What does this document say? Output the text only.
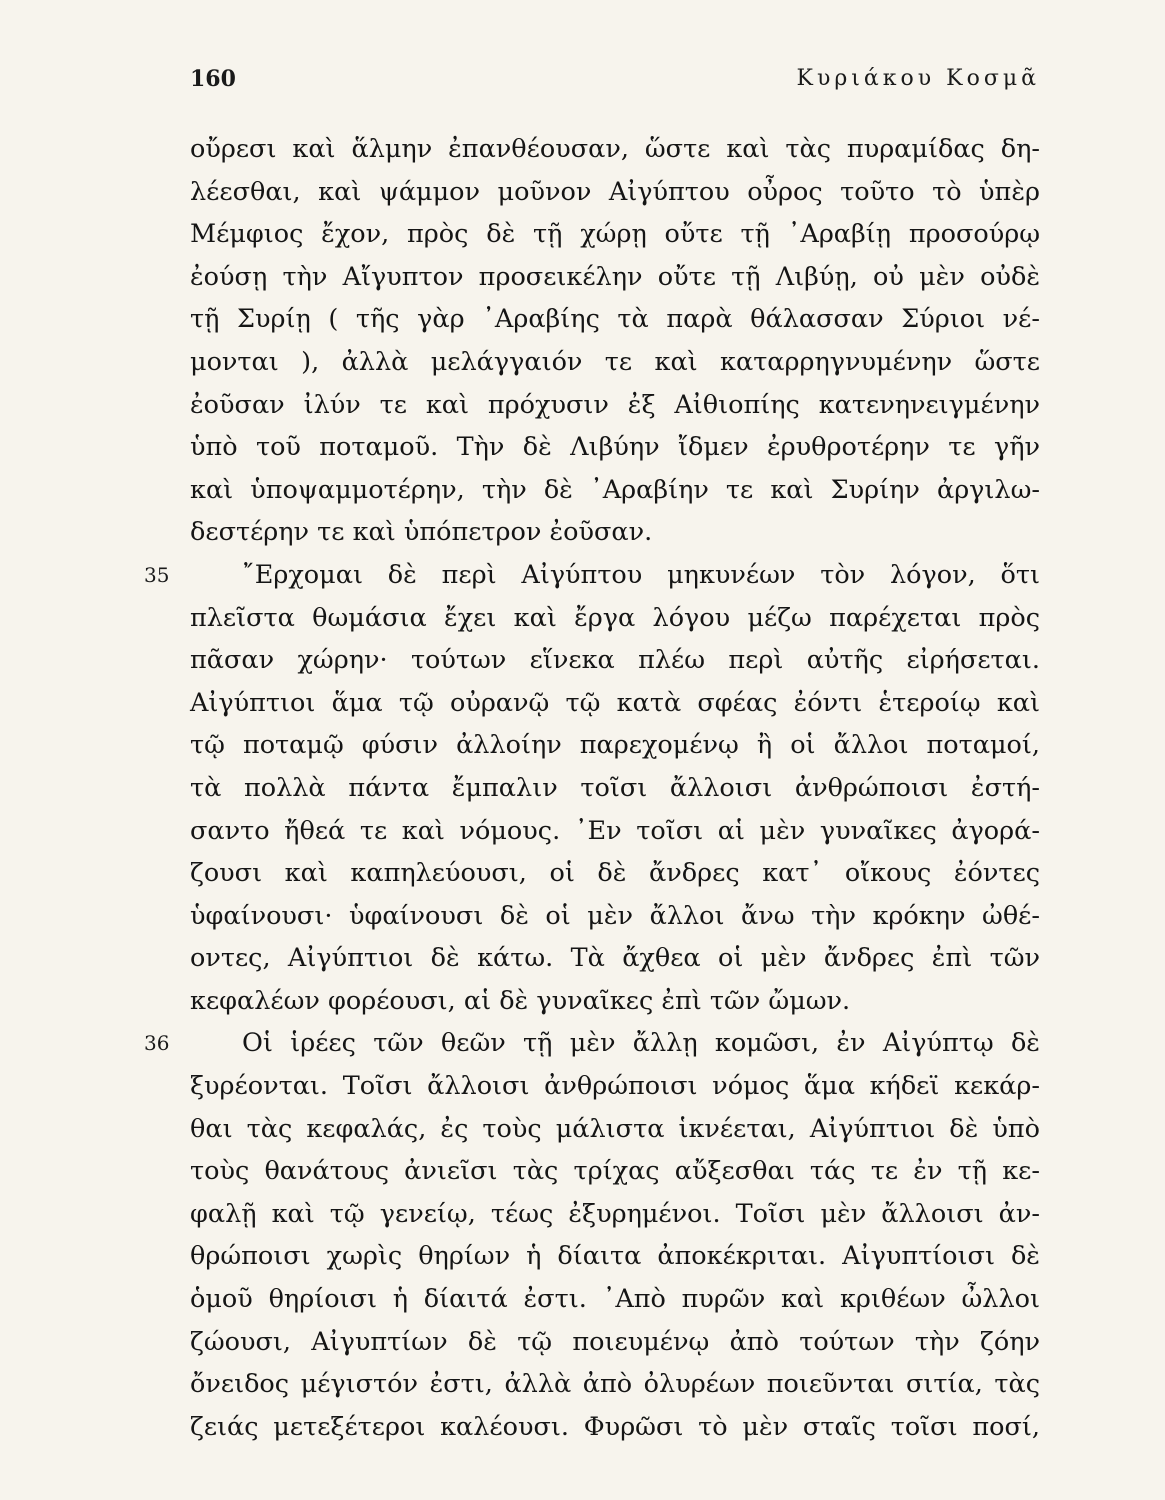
160	Κυριάκου Κοσμᾶ
οὔρεσι καὶ ἅλμην ἐπανθέουσαν, ὥστε καὶ τὰς πυραμίδας δη-
λέεσθαι, καὶ ψάμμον μοῦνον Αἰγύπτου οὖρος τοῦτο τὸ ὑπὲρ
Μέμφιος ἔχον, πρὸς δὲ τῇ χώρῃ οὔτε τῇ ᾿Αραβίῃ προσούρῳ
ἐούσῃ τὴν Αἴγυπτον προσεικέλην οὔτε τῇ Λιβύῃ, οὐ μὲν οὐδὲ
τῇ Συρίῃ ( τῆς γὰρ ᾿Αραβίης τὰ παρὰ θάλασσαν Σύριοι νέ-
μονται ), ἀλλὰ μελάγγαιόν τε καὶ καταρρηγνυμένην ὥστε
ἐοῦσαν ἰλύν τε καὶ πρόχυσιν ἐξ Αἰθιοπίης κατενηνειγμένην
ὑπὸ τοῦ ποταμοῦ. Τὴν δὲ Λιβύην ἴδμεν ἐρυθροτέρην τε γῆν
καὶ ὑποψαμμοτέρην, τὴν δὲ ᾿Αραβίην τε καὶ Συρίην ἀργιλω-
δεστέρην τε καὶ ὑπόπετρον ἐοῦσαν.
35	῎Ερχομαι δὲ περὶ Αἰγύπτου μηκυνέων τὸν λόγον, ὅτι
πλεῖστα θωμάσια ἔχει καὶ ἔργα λόγου μέζω παρέχεται πρὸς
πᾶσαν χώρην· τούτων εἵνεκα πλέω περὶ αὐτῆς εἰρήσεται.
Αἰγύπτιοι ἅμα τῷ οὐρανῷ τῷ κατὰ σφέας ἐόντι ἑτεροίῳ καὶ
τῷ ποταμῷ φύσιν ἀλλοίην παρεχομένῳ ἢ οἱ ἄλλοι ποταμοί,
τὰ πολλὰ πάντα ἔμπαλιν τοῖσι ἄλλοισι ἀνθρώποισι ἐστή-
σαντο ἤθεά τε καὶ νόμους. ᾿Εν τοῖσι αἱ μὲν γυναῖκες ἀγορά-
ζουσι καὶ καπηλεύουσι, οἱ δὲ ἄνδρες κατ᾿ οἴκους ἐόντες
ὑφαίνουσι· ὑφαίνουσι δὲ οἱ μὲν ἄλλοι ἄνω τὴν κρόκην ὠθέ-
οντες, Αἰγύπτιοι δὲ κάτω. Τὰ ἄχθεα οἱ μὲν ἄνδρες ἐπὶ τῶν
κεφαλέων φορέουσι, αἱ δὲ γυναῖκες ἐπὶ τῶν ὤμων.
36	Οἱ ἱρέες τῶν θεῶν τῇ μὲν ἄλλῃ κομῶσι, ἐν Αἰγύπτῳ δὲ
ξυρέονται. Τοῖσι ἄλλοισι ἀνθρώποισι νόμος ἅμα κήδεϊ κεκάρ-
θαι τὰς κεφαλάς, ἐς τοὺς μάλιστα ἱκνέεται, Αἰγύπτιοι δὲ ὑπὸ
τοὺς θανάτους ἀνιεῖσι τὰς τρίχας αὔξεσθαι τάς τε ἐν τῇ κε-
φαλῇ καὶ τῷ γενείῳ, τέως ἐξυρημένοι. Τοῖσι μὲν ἄλλοισι ἀν-
θρώποισι χωρὶς θηρίων ἡ δίαιτα ἀποκέκριται. Αἰγυπτίοισι δὲ
ὁμοῦ θηρίοισι ἡ δίαιτά ἐστι. ᾿Απὸ πυρῶν καὶ κριθέων ὦλλοι
ζώουσι, Αἰγυπτίων δὲ τῷ ποιευμένῳ ἀπὸ τούτων τὴν ζόην
ὄνειδος μέγιστόν ἐστι, ἀλλὰ ἀπὸ ὀλυρέων ποιεῦνται σιτία, τὰς
ζειάς μετεξέτεροι καλέουσι. Φυρῶσι τὸ μὲν σταῖς τοῖσι ποσί,
